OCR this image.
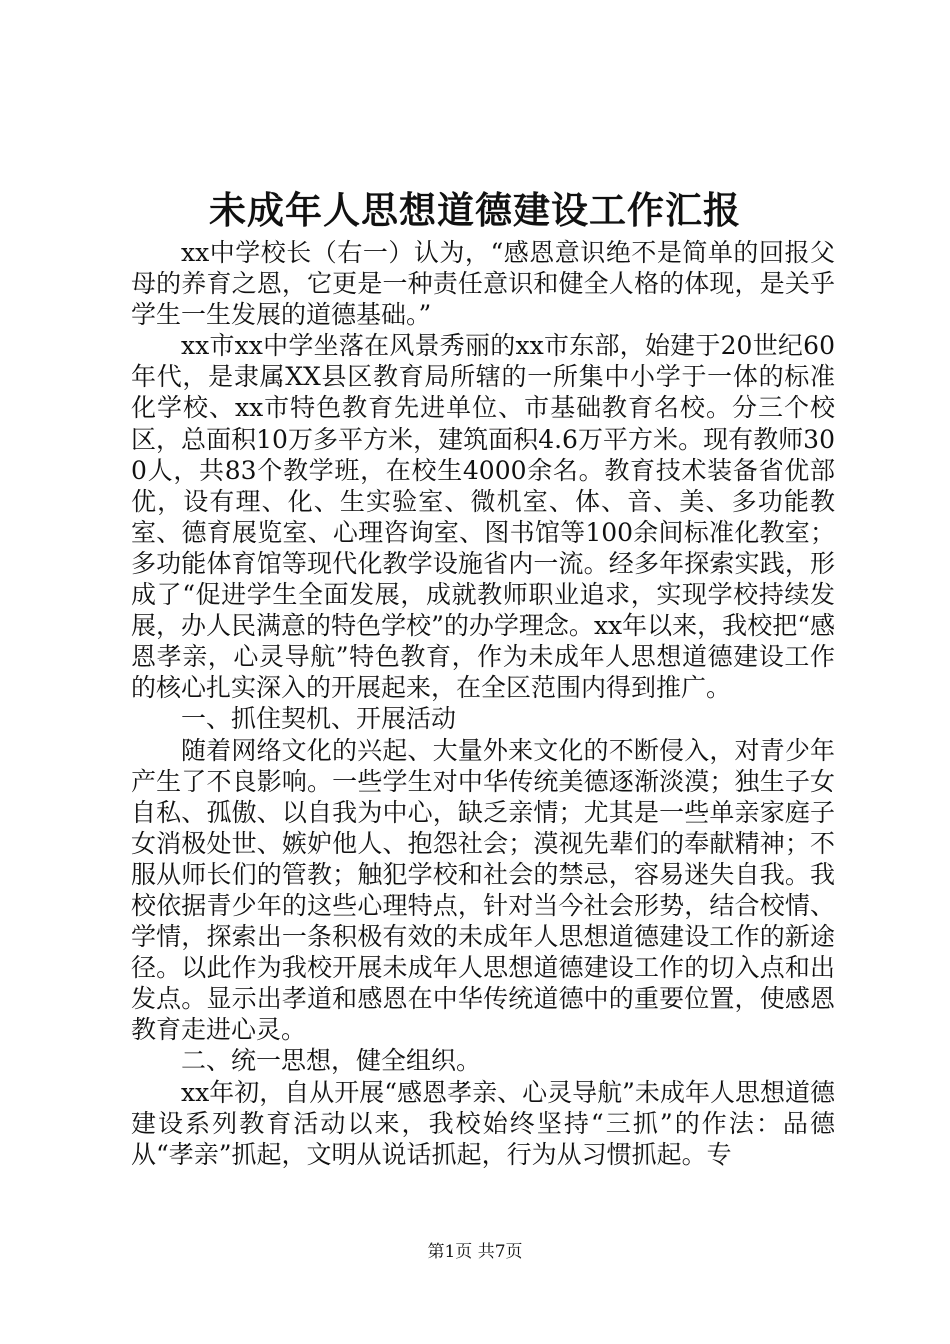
未成年人思想道德建设工作汇报

xx中学校长（右一）认为，“感恩意识绝不是简单的回报父母的养育之恩，它更是一种责任意识和健全人格的体现，是关乎学生一生发展的道德基础。”

xx市xx中学坐落在风景秀丽的xx市东部，始建于20世纪60年代，是隶属XX县区教育局所辖的一所集中小学于一体的标准化学校、xx市特色教育先进单位、市基础教育名校。分三个校区，总面积10万多平方米，建筑面积4.6万平方米。现有教师300人，共83个教学班，在校生4000余名。教育技术装备省优部优，设有理、化、生实验室、微机室、体、音、美、多功能教室、德育展览室、心理咨询室、图书馆等100余间标准化教室；多功能体育馆等现代化教学设施省内一流。经多年探索实践，形成了“促进学生全面发展，成就教师职业追求，实现学校持续发展，办人民满意的特色学校”的办学理念。xx年以来，我校把“感恩孝亲，心灵导航”特色教育，作为未成年人思想道德建设工作的核心扎实深入的开展起来，在全区范围内得到推广。

一、抓住契机、开展活动

随着网络文化的兴起、大量外来文化的不断侵入，对青少年产生了不良影响。一些学生对中华传统美德逐渐淡漠；独生子女自私、孤傲、以自我为中心，缺乏亲情；尤其是一些单亲家庭子女消极处世、嫉妒他人、抱怨社会；漠视先辈们的奉献精神；不服从师长们的管教；触犯学校和社会的禁忌，容易迷失自我。我校依据青少年的这些心理特点，针对当今社会形势，结合校情、学情，探索出一条积极有效的未成年人思想道德建设工作的新途径。以此作为我校开展未成年人思想道德建设工作的切入点和出发点。显示出孝道和感恩在中华传统道德中的重要位置，使感恩教育走进心灵。

二、统一思想，健全组织。

xx年初，自从开展“感恩孝亲、心灵导航”未成年人思想道德建设系列教育活动以来，我校始终坚持“三抓”的作法：品德从“孝亲”抓起，文明从说话抓起，行为从习惯抓起。专

第1页 共7页
